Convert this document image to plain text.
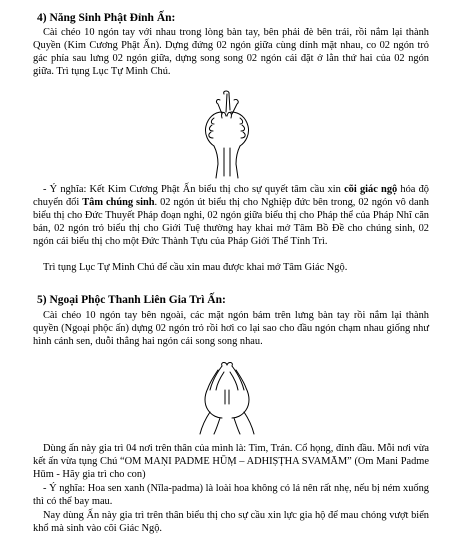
4) Năng Sinh Phật Đỉnh Ấn:
Cài chéo 10 ngón tay với nhau trong lòng bàn tay, bên phải đè bên trái, rồi nắm lại thành Quyền (Kim Cương Phật Ấn). Dựng đứng 02 ngón giữa cùng dính mặt nhau, co 02 ngón trỏ gác phía sau lưng 02 ngón giữa, dựng song song 02 ngón cái đặt ở lằn thứ hai của 02 ngón giữa. Trì tụng Lục Tự Minh Chú.
- Ý nghĩa: Kết Kim Cương Phật Ấn biểu thị cho sự quyết tâm cầu xin cõi giác ngộ hóa độ chuyển đổi Tâm chúng sinh. 02 ngón út biểu thị cho Nghiệp đức bên trong, 02 ngón vô danh biểu thị cho Đức Thuyết Pháp đoạn nghi, 02 ngón giữa biểu thị cho Pháp thể của Pháp Nhĩ căn bản, 02 ngón trỏ biểu thị cho Giới Tuệ thường hay khai mở Tâm Bồ Đề cho chúng sinh, 02 ngón cái biểu thị cho một Đức Thành Tựu của Pháp Giới Thể Tính Trì.
Trì tụng Lục Tự Minh Chú để cầu xin mau được khai mở Tâm Giác Ngộ.
5) Ngoại Phộc Thanh Liên Gia Trì Ấn:
Cài chéo 10 ngón tay bên ngoài, các mặt ngón bám trên lưng bàn tay rồi nắm lại thành quyền (Ngoại phộc ấn) dựng 02 ngón trỏ rồi hơi co lại sao cho đầu ngón chạm nhau giống như hình cánh sen, duỗi thẳng hai ngón cái song song nhau.
Dùng ấn này gia trì 04 nơi trên thân của mình là: Tim, Trán. Cổ họng, đỉnh đầu. Mỗi nơi vừa kết ấn vừa tụng Chú “OM MAṆI PADME HŪṂ – ADHIṢṬHA SVAMĀM” (Om Mani Padme Hūm - Hãy gia trì cho con)
- Ý nghĩa: Hoa sen xanh (Nīla-padma) là loài hoa không có lá nên rất nhẹ, nếu bị ném xuống thì có thể bay mau.
Nay dùng Ấn này gia trì trên thân biểu thị cho sự cầu xin lực gia hộ để mau chóng vượt biển khổ mà sinh vào cõi Giác Ngộ.
